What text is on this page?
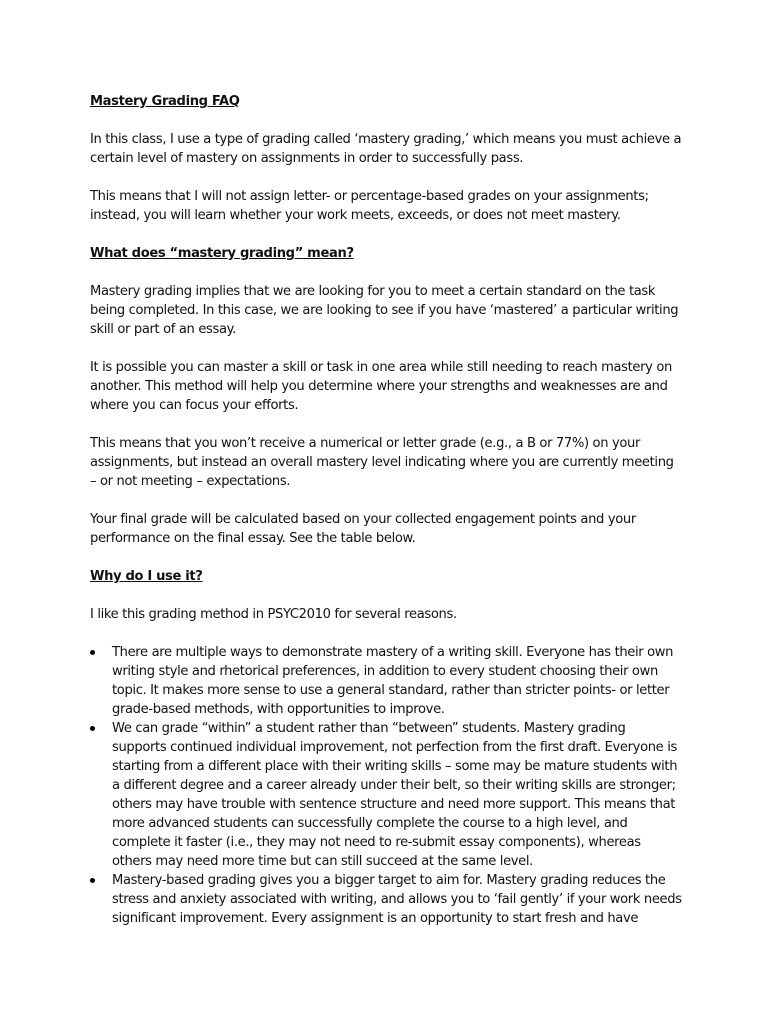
Mastery Grading FAQ

In this class, I use a type of grading called ‘mastery grading,’ which means you must achieve a certain level of mastery on assignments in order to successfully pass.

This means that I will not assign letter- or percentage-based grades on your assignments; instead, you will learn whether your work meets, exceeds, or does not meet mastery.

What does “mastery grading” mean?

Mastery grading implies that we are looking for you to meet a certain standard on the task being completed. In this case, we are looking to see if you have ‘mastered’ a particular writing skill or part of an essay.

It is possible you can master a skill or task in one area while still needing to reach mastery on another. This method will help you determine where your strengths and weaknesses are and where you can focus your efforts.

This means that you won’t receive a numerical or letter grade (e.g., a B or 77%) on your assignments, but instead an overall mastery level indicating where you are currently meeting – or not meeting – expectations.

Your final grade will be calculated based on your collected engagement points and your performance on the final essay. See the table below.

Why do I use it?

I like this grading method in PSYC2010 for several reasons.

There are multiple ways to demonstrate mastery of a writing skill. Everyone has their own writing style and rhetorical preferences, in addition to every student choosing their own topic. It makes more sense to use a general standard, rather than stricter points- or letter grade-based methods, with opportunities to improve.
We can grade “within” a student rather than “between” students. Mastery grading supports continued individual improvement, not perfection from the first draft. Everyone is starting from a different place with their writing skills – some may be mature students with a different degree and a career already under their belt, so their writing skills are stronger; others may have trouble with sentence structure and need more support. This means that more advanced students can successfully complete the course to a high level, and complete it faster (i.e., they may not need to re-submit essay components), whereas others may need more time but can still succeed at the same level.
Mastery-based grading gives you a bigger target to aim for. Mastery grading reduces the stress and anxiety associated with writing, and allows you to ‘fail gently’ if your work needs significant improvement. Every assignment is an opportunity to start fresh and have
